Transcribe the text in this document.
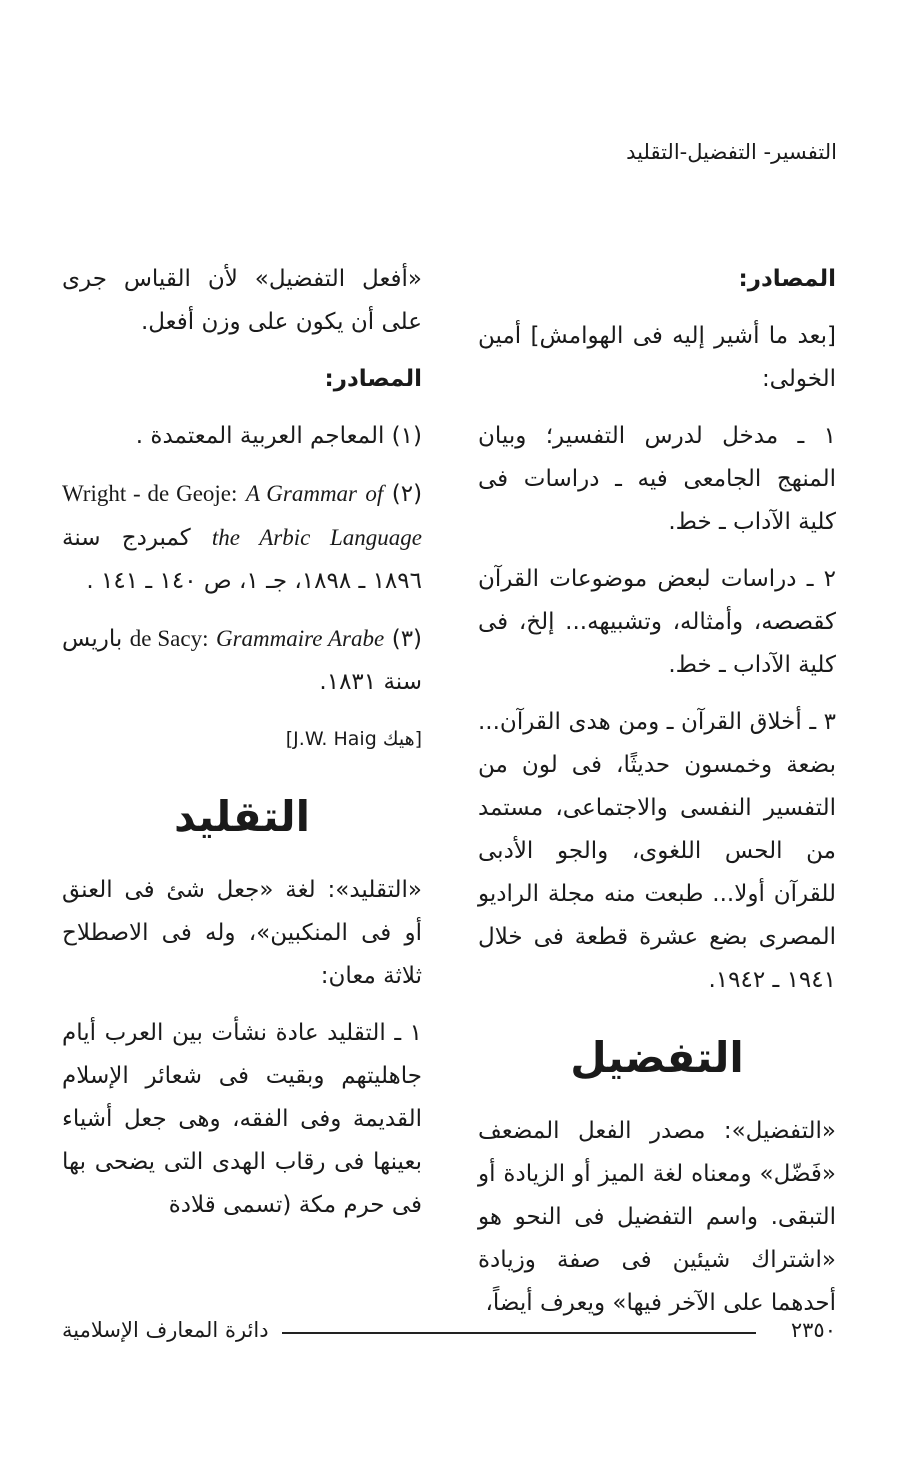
التفسير- التفضيل-التقليد

المصادر:

[بعد ما أشير إليه فى الهوامش] أمين الخولى:

١ ـ مدخل لدرس التفسير؛ وبيان المنهج الجامعى فيه ـ دراسات فى كلية الآداب ـ خط.

٢ ـ دراسات لبعض موضوعات القرآن كقصصه، وأمثاله، وتشبيهه... إلخ، فى كلية الآداب ـ خط.

٣ ـ أخلاق القرآن ـ ومن هدى القرآن... بضعة وخمسون حديثًا، فى لون من التفسير النفسى والاجتماعى، مستمد من الحس اللغوى، والجو الأدبى للقرآن أولا... طبعت منه مجلة الراديو المصرى بضع عشرة قطعة فى خلال ١٩٤١ ـ ١٩٤٢.

التفضيل

«التفضيل»: مصدر الفعل المضعف «فَضّل» ومعناه لغة الميز أو الزيادة أو التبقى. واسم التفضيل فى النحو هو «اشتراك شيئين فى صفة وزيادة أحدهما على الآخر فيها» ويعرف أيضاً،

«أفعل التفضيل» لأن القياس جرى على أن يكون على وزن أفعل.

المصادر:

(١) المعاجم العربية المعتمدة .

(٢) Wright - de Geoje: A Grammar of the Arbic Language كمبردج سنة ١٨٩٦ ـ ١٨٩٨، جـ ١، ص ١٤٠ ـ ١٤١ .

(٣) de Sacy: Grammaire Arabe باريس سنة ١٨٣١.

[هيك J.W. Haig]

التقليد

«التقليد»: لغة «جعل شئ فى العنق أو فى المنكبين»، وله فى الاصطلاح ثلاثة معان:

١ ـ التقليد عادة نشأت بين العرب أيام جاهليتهم وبقيت فى شعائر الإسلام القديمة وفى الفقه، وهى جعل أشياء بعينها فى رقاب الهدى التى يضحى بها فى حرم مكة (تسمى قلادة

دائرة المعارف الإسلامية	٢٣٥٠
